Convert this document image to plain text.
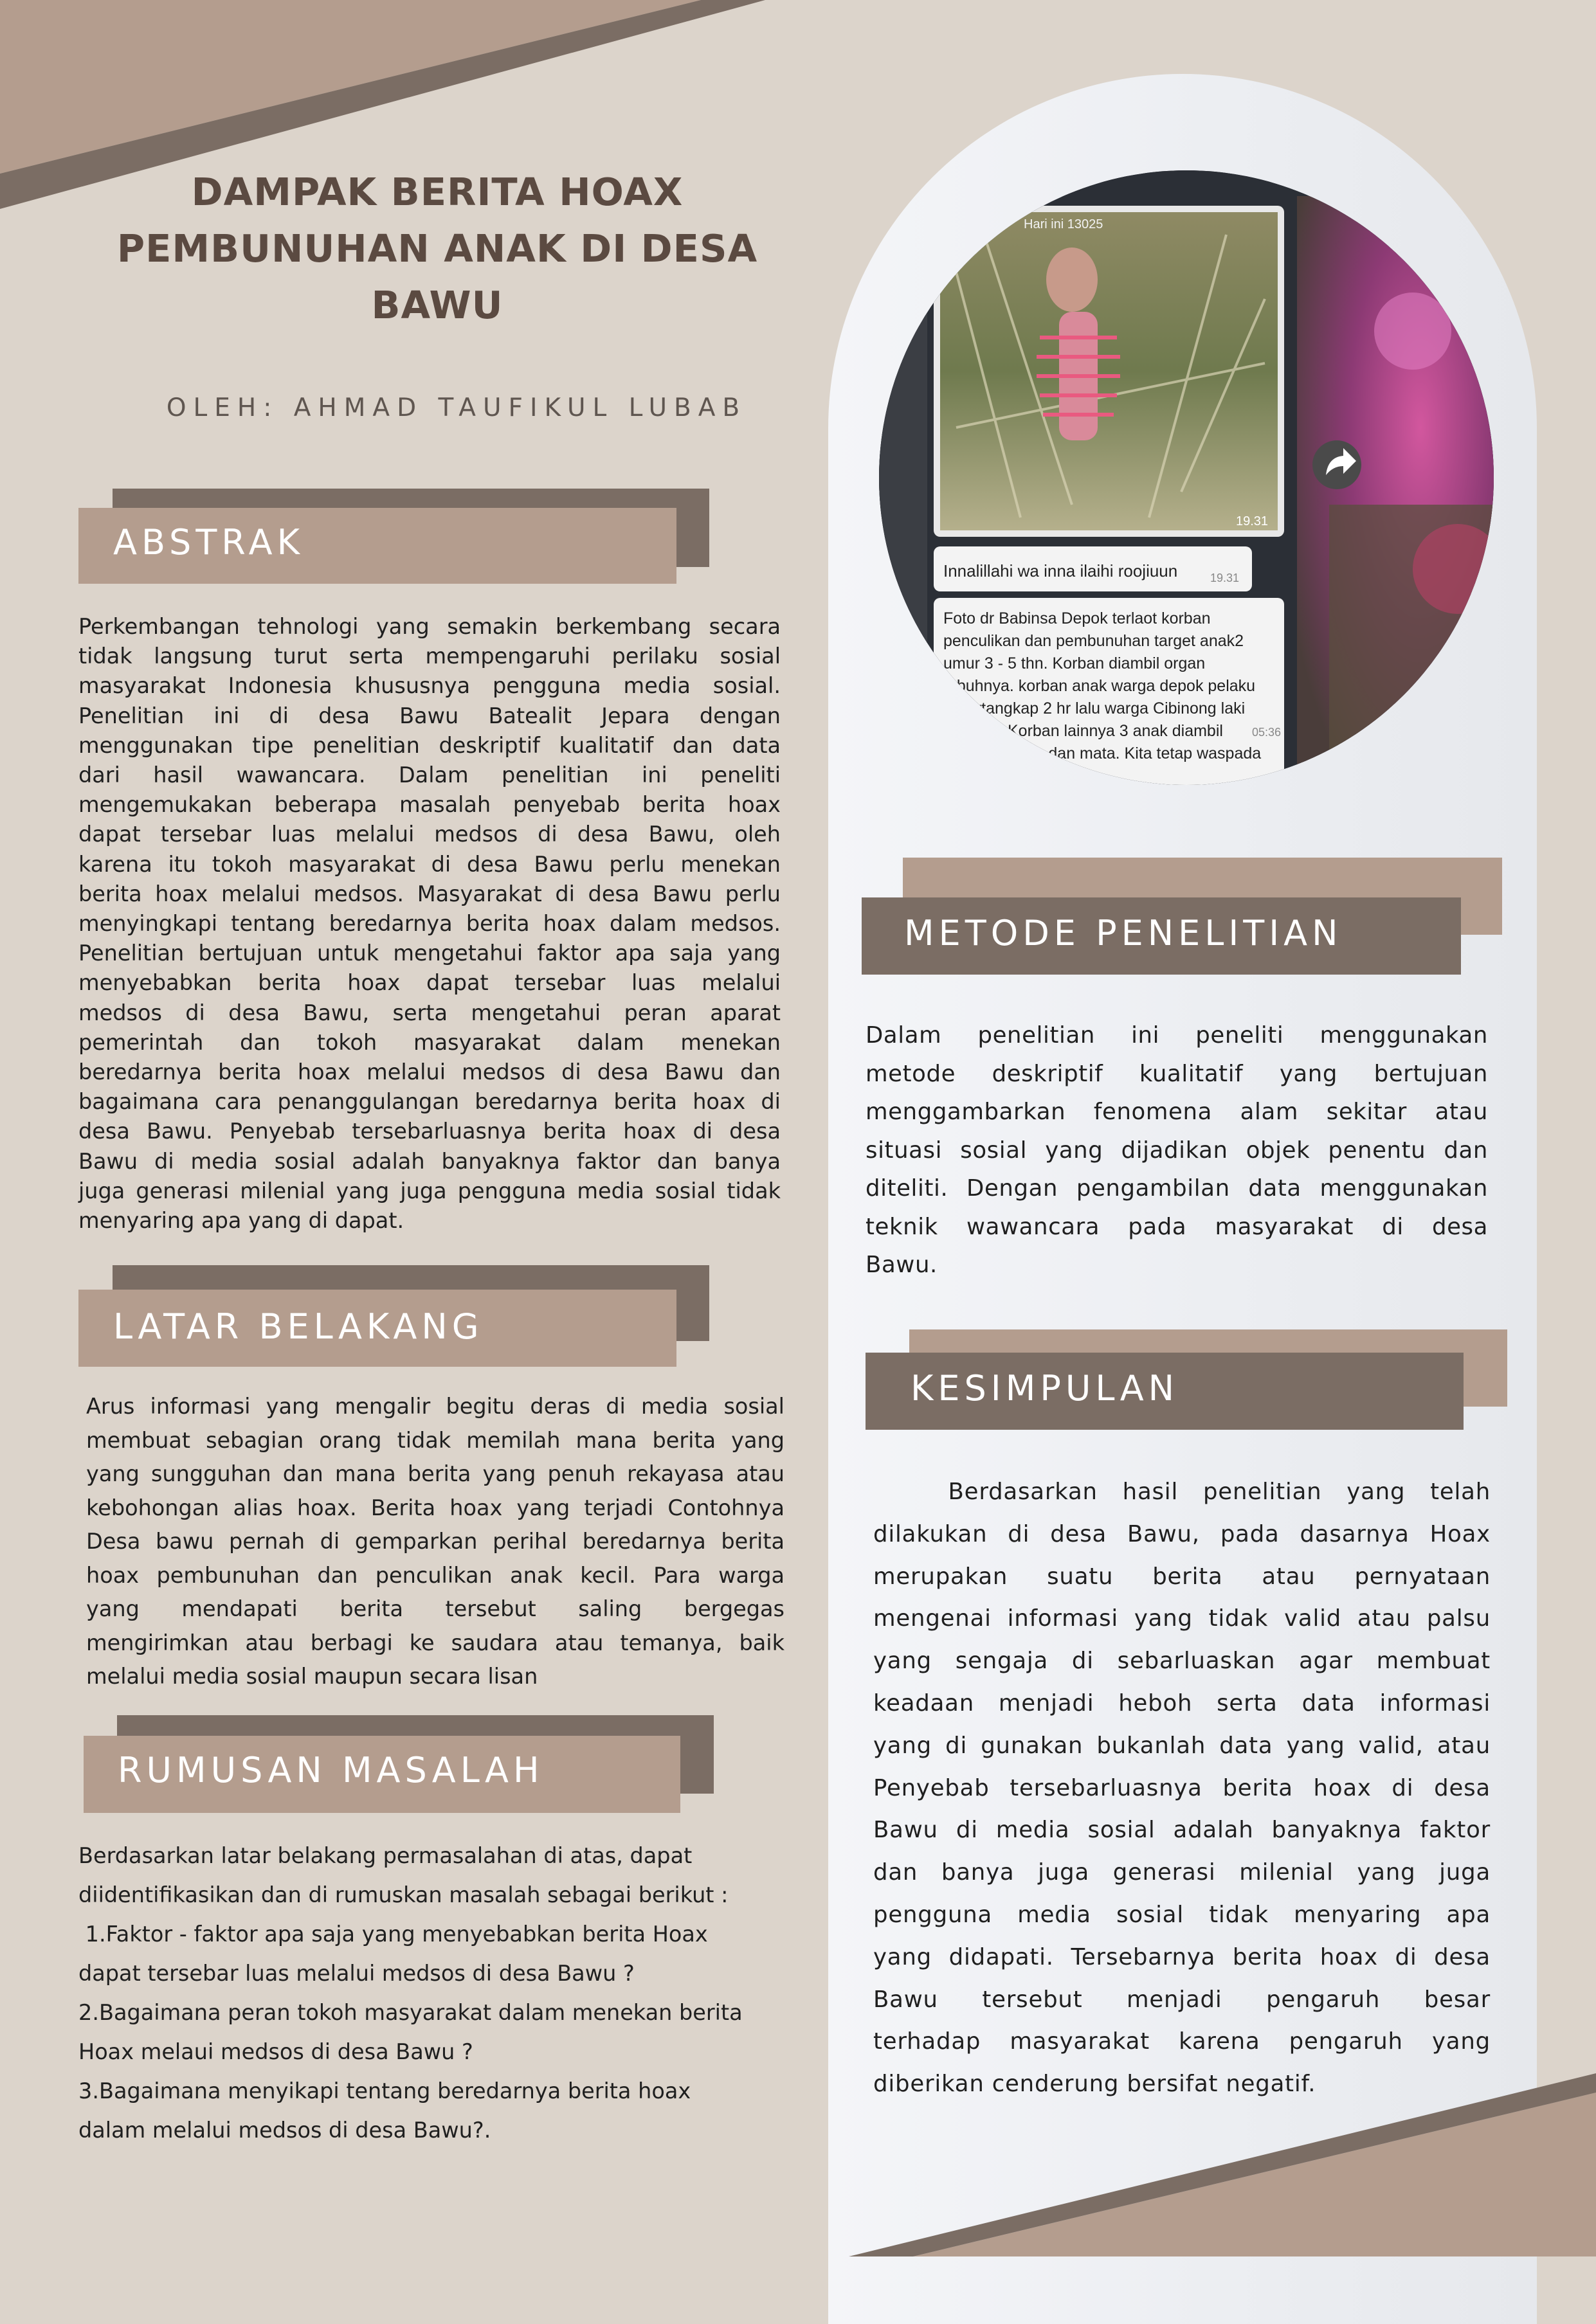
DAMPAK BERITA HOAX
PEMBUNUHAN ANAK DI DESA
BAWU
OLEH: AHMAD TAUFIKUL LUBAB
ABSTRAK
Perkembangan tehnologi yang semakin berkembang secara
tidak langsung turut serta mempengaruhi perilaku sosial
masyarakat Indonesia khususnya pengguna media sosial.
Penelitian ini di desa Bawu Batealit Jepara dengan
menggunakan tipe penelitian deskriptif kualitatif dan data
dari hasil wawancara. Dalam penelitian ini peneliti
mengemukakan beberapa masalah penyebab berita hoax
dapat tersebar luas melalui medsos di desa Bawu, oleh
karena itu tokoh masyarakat di desa Bawu perlu menekan
berita hoax melalui medsos. Masyarakat di desa Bawu perlu
menyingkapi tentang beredarnya berita hoax dalam medsos.
Penelitian bertujuan untuk mengetahui faktor apa saja yang
menyebabkan berita hoax dapat tersebar luas melalui
medsos di desa Bawu, serta mengetahui peran aparat
pemerintah dan tokoh masyarakat dalam menekan
beredarnya berita hoax melalui medsos di desa Bawu dan
bagaimana cara penanggulangan beredarnya berita hoax di
desa Bawu. Penyebab tersebarluasnya berita hoax di desa
Bawu di media sosial adalah banyaknya faktor dan banya
juga generasi milenial yang juga pengguna media sosial tidak
menyaring apa yang di dapat.
LATAR BELAKANG
Arus informasi yang mengalir begitu deras di media sosial
membuat sebagian orang tidak memilah mana berita yang
yang sungguhan dan mana berita yang penuh rekayasa atau
kebohongan alias hoax. Berita hoax yang terjadi Contohnya
Desa bawu pernah di gemparkan perihal beredarnya berita
hoax pembunuhan dan penculikan anak kecil. Para warga
yang mendapati berita tersebut saling bergegas
mengirimkan atau berbagi ke saudara atau temanya, baik
melalui media sosial maupun secara lisan
RUMUSAN MASALAH
Berdasarkan latar belakang permasalahan di atas, dapat
diidentifikasikan dan di rumuskan masalah sebagai berikut :
1.Faktor - faktor apa saja yang menyebabkan berita Hoax
dapat tersebar luas melalui medsos di desa Bawu ?
2.Bagaimana peran tokoh masyarakat dalam menekan berita
Hoax melaui medsos di desa Bawu ?
3.Bagaimana menyikapi tentang beredarnya berita hoax
dalam melalui medsos di desa Bawu?.
Hari ini 13025
19.31
Innalillahi wa inna ilaihi roojiuun	19.31
Foto dr Babinsa Depok terlaot korban
penculikan dan pembunuhan target anak2
umur 3 - 5 thn. Korban diambil organ
tubuhnya. korban anak warga depok pelaku
tertangkap 2 hr lalu warga Cibinong laki
Korban lainnya 3 anak diambil
mpuan dan mata. Kita tetap waspada
05:36
METODE PENELITIAN
Dalam penelitian ini peneliti menggunakan
metode deskriptif kualitatif yang bertujuan
menggambarkan fenomena alam sekitar atau
situasi sosial yang dijadikan objek penentu dan
diteliti. Dengan pengambilan data menggunakan
teknik wawancara pada masyarakat di desa
Bawu.
KESIMPULAN
Berdasarkan hasil penelitian yang telah
dilakukan di desa Bawu, pada dasarnya Hoax
merupakan suatu berita atau pernyataan
mengenai informasi yang tidak valid atau palsu
yang sengaja di sebarluaskan agar membuat
keadaan menjadi heboh serta data informasi
yang di gunakan bukanlah data yang valid, atau
Penyebab tersebarluasnya berita hoax di desa
Bawu di media sosial adalah banyaknya faktor
dan banya juga generasi milenial yang juga
pengguna media sosial tidak menyaring apa
yang didapati. Tersebarnya berita hoax di desa
Bawu tersebut menjadi pengaruh besar
terhadap masyarakat karena pengaruh yang
diberikan cenderung bersifat negatif.
